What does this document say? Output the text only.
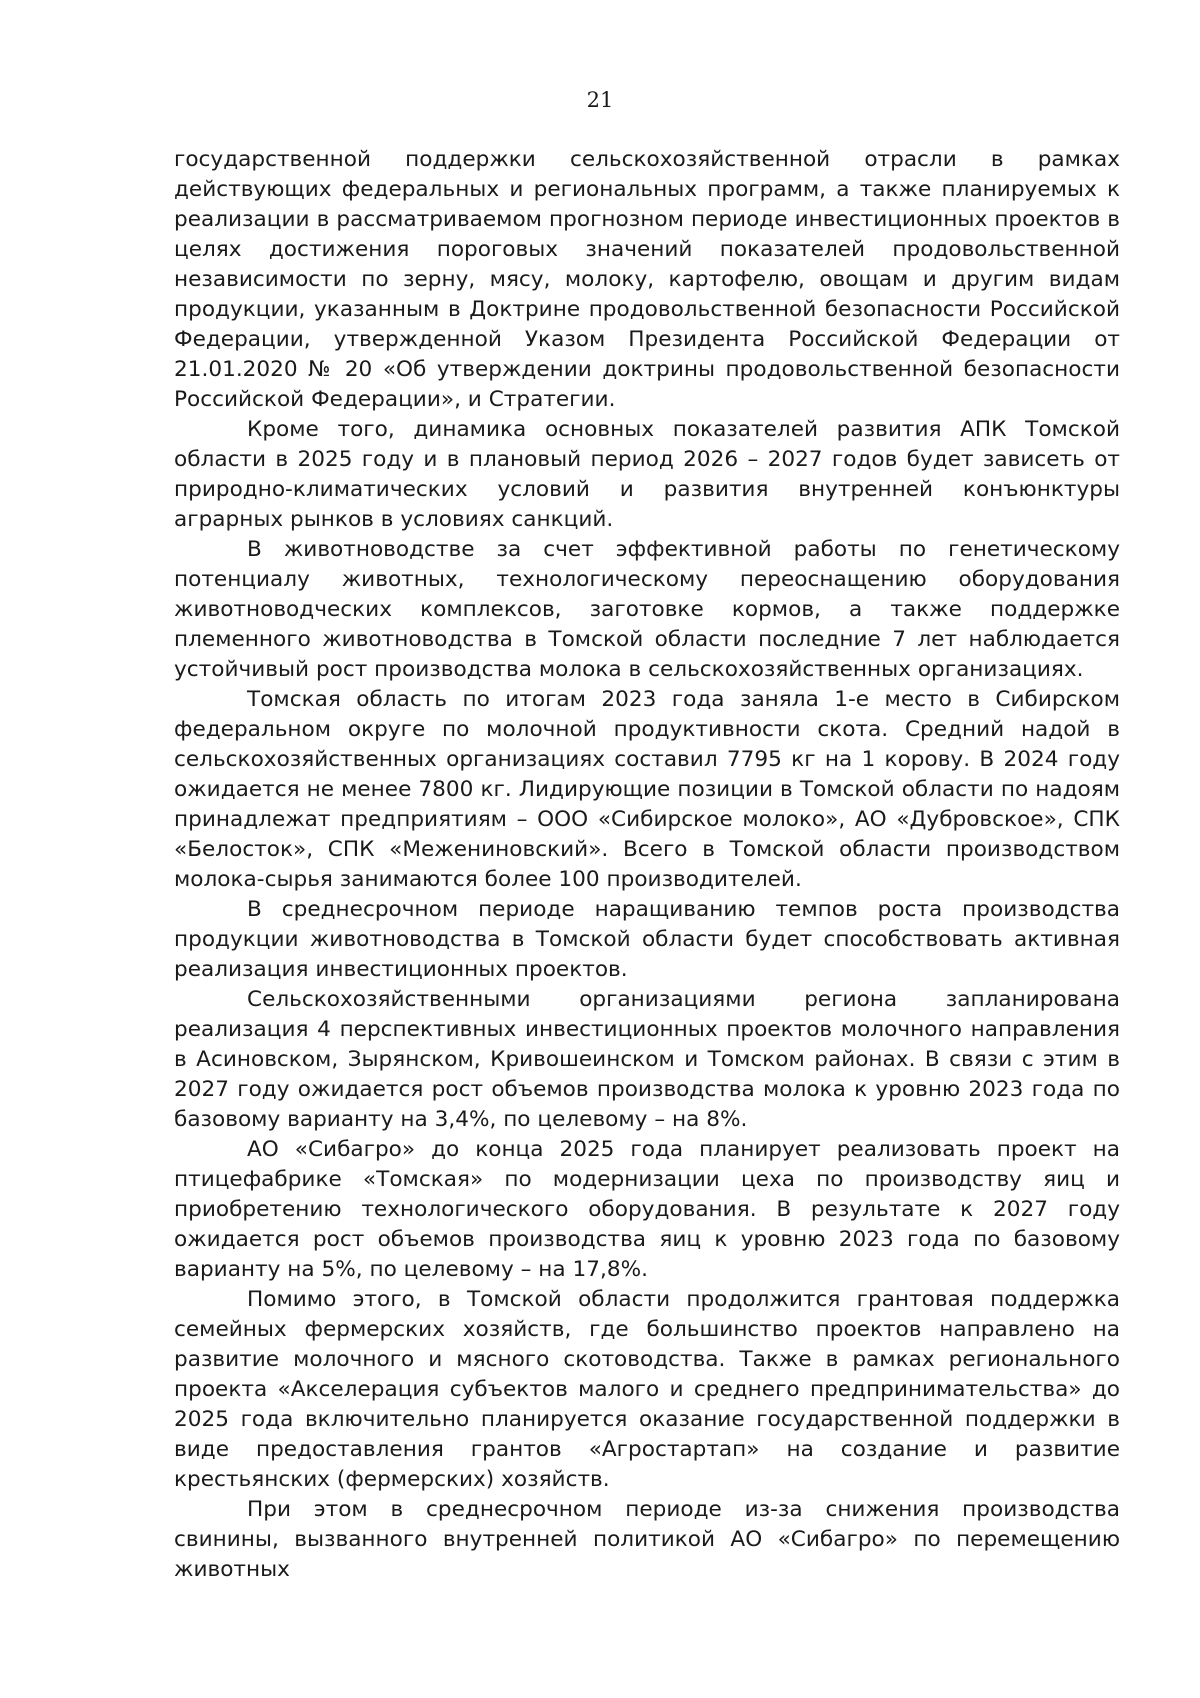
21

государственной поддержки сельскохозяйственной отрасли в рамках действующих федеральных и региональных программ, а также планируемых к реализации в рассматриваемом прогнозном периоде инвестиционных проектов в целях достижения пороговых значений показателей продовольственной независимости по зерну, мясу, молоку, картофелю, овощам и другим видам продукции, указанным в Доктрине продовольственной безопасности Российской Федерации, утвержденной Указом Президента Российской Федерации от 21.01.2020 № 20 «Об утверждении доктрины продовольственной безопасности Российской Федерации», и Стратегии.

Кроме того, динамика основных показателей развития АПК Томской области в 2025 году и в плановый период 2026 – 2027 годов будет зависеть от природно-климатических условий и развития внутренней конъюнктуры аграрных рынков в условиях санкций.

В животноводстве за счет эффективной работы по генетическому потенциалу животных, технологическому переоснащению оборудования животноводческих комплексов, заготовке кормов, а также поддержке племенного животноводства в Томской области последние 7 лет наблюдается устойчивый рост производства молока в сельскохозяйственных организациях.

Томская область по итогам 2023 года заняла 1-е место в Сибирском федеральном округе по молочной продуктивности скота. Средний надой в сельскохозяйственных организациях составил 7795 кг на 1 корову. В 2024 году ожидается не менее 7800 кг. Лидирующие позиции в Томской области по надоям принадлежат предприятиям – ООО «Сибирское молоко», АО «Дубровское», СПК «Белосток», СПК «Межениновский». Всего в Томской области производством молока-сырья занимаются более 100 производителей.

В среднесрочном периоде наращиванию темпов роста производства продукции животноводства в Томской области будет способствовать активная реализация инвестиционных проектов.

Сельскохозяйственными организациями региона запланирована реализация 4 перспективных инвестиционных проектов молочного направления в Асиновском, Зырянском, Кривошеинском и Томском районах. В связи с этим в 2027 году ожидается рост объемов производства молока к уровню 2023 года по базовому варианту на 3,4%, по целевому – на 8%.

АО «Сибагро» до конца 2025 года планирует реализовать проект на птицефабрике «Томская» по модернизации цеха по производству яиц и приобретению технологического оборудования. В результате к 2027 году ожидается рост объемов производства яиц к уровню 2023 года по базовому варианту на 5%, по целевому – на 17,8%.

Помимо этого, в Томской области продолжится грантовая поддержка семейных фермерских хозяйств, где большинство проектов направлено на развитие молочного и мясного скотоводства. Также в рамках регионального проекта «Акселерация субъектов малого и среднего предпринимательства» до 2025 года включительно планируется оказание государственной поддержки в виде предоставления грантов «Агростартап» на создание и развитие крестьянских (фермерских) хозяйств.

При этом в среднесрочном периоде из-за снижения производства свинины, вызванного внутренней политикой АО «Сибагро» по перемещению животных
